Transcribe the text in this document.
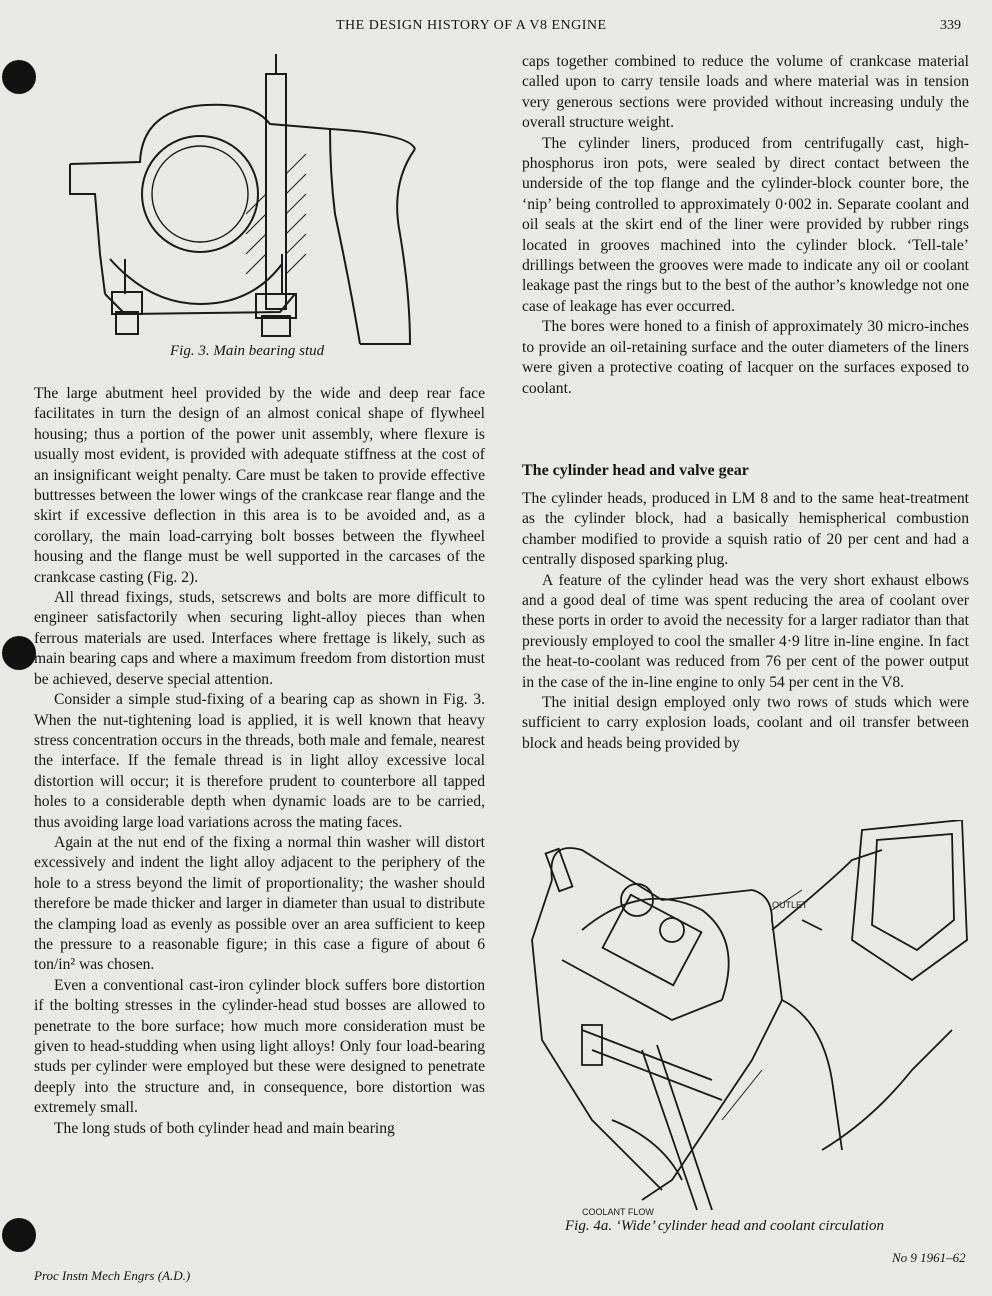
THE DESIGN HISTORY OF A V8 ENGINE	339
Fig. 3. Main bearing stud

The large abutment heel provided by the wide and deep rear face facilitates in turn the design of an almost conical shape of flywheel housing; thus a portion of the power unit assembly, where flexure is usually most evident, is provided with adequate stiffness at the cost of an insignificant weight penalty. Care must be taken to provide effective buttresses between the lower wings of the crankcase rear flange and the skirt if excessive deflection in this area is to be avoided and, as a corollary, the main load-carrying bolt bosses between the flywheel housing and the flange must be well supported in the carcases of the crankcase casting (Fig. 2).

All thread fixings, studs, setscrews and bolts are more difficult to engineer satisfactorily when securing light-alloy pieces than when ferrous materials are used. Interfaces where frettage is likely, such as main bearing caps and where a maximum freedom from distortion must be achieved, deserve special attention.

Consider a simple stud-fixing of a bearing cap as shown in Fig. 3. When the nut-tightening load is applied, it is well known that heavy stress concentration occurs in the threads, both male and female, nearest the interface. If the female thread is in light alloy excessive local distortion will occur; it is therefore prudent to counterbore all tapped holes to a considerable depth when dynamic loads are to be carried, thus avoiding large load variations across the mating faces.

Again at the nut end of the fixing a normal thin washer will distort excessively and indent the light alloy adjacent to the periphery of the hole to a stress beyond the limit of proportionality; the washer should therefore be made thicker and larger in diameter than usual to distribute the clamping load as evenly as possible over an area sufficient to keep the pressure to a reasonable figure; in this case a figure of about 6 ton/in² was chosen.

Even a conventional cast-iron cylinder block suffers bore distortion if the bolting stresses in the cylinder-head stud bosses are allowed to penetrate to the bore surface; how much more consideration must be given to head-studding when using light alloys! Only four load-bearing studs per cylinder were employed but these were designed to penetrate deeply into the structure and, in consequence, bore distortion was extremely small.

The long studs of both cylinder head and main bearing

caps together combined to reduce the volume of crankcase material called upon to carry tensile loads and where material was in tension very generous sections were provided without increasing unduly the overall structure weight.

The cylinder liners, produced from centrifugally cast, high-phosphorus iron pots, were sealed by direct contact between the underside of the top flange and the cylinder-block counter bore, the ‘nip’ being controlled to approximately 0·002 in. Separate coolant and oil seals at the skirt end of the liner were provided by rubber rings located in grooves machined into the cylinder block. ‘Tell-tale’ drillings between the grooves were made to indicate any oil or coolant leakage past the rings but to the best of the author’s knowledge not one case of leakage has ever occurred.

The bores were honed to a finish of approximately 30 micro-inches to provide an oil-retaining surface and the outer diameters of the liners were given a protective coating of lacquer on the surfaces exposed to coolant.

The cylinder head and valve gear

The cylinder heads, produced in LM 8 and to the same heat-treatment as the cylinder block, had a basically hemispherical combustion chamber modified to provide a squish ratio of 20 per cent and had a centrally disposed sparking plug.

A feature of the cylinder head was the very short exhaust elbows and a good deal of time was spent reducing the area of coolant over these ports in order to avoid the necessity for a larger radiator than that previously employed to cool the smaller 4·9 litre in-line engine. In fact the heat-to-coolant was reduced from 76 per cent of the power output in the case of the in-line engine to only 54 per cent in the V8.

The initial design employed only two rows of studs which were sufficient to carry explosion loads, coolant and oil transfer between block and heads being provided by

OUTLET
COOLANT FLOW
Fig. 4a. ‘Wide’ cylinder head and coolant circulation
Proc Instn Mech Engrs (A.D.)
No 9 1961–62
